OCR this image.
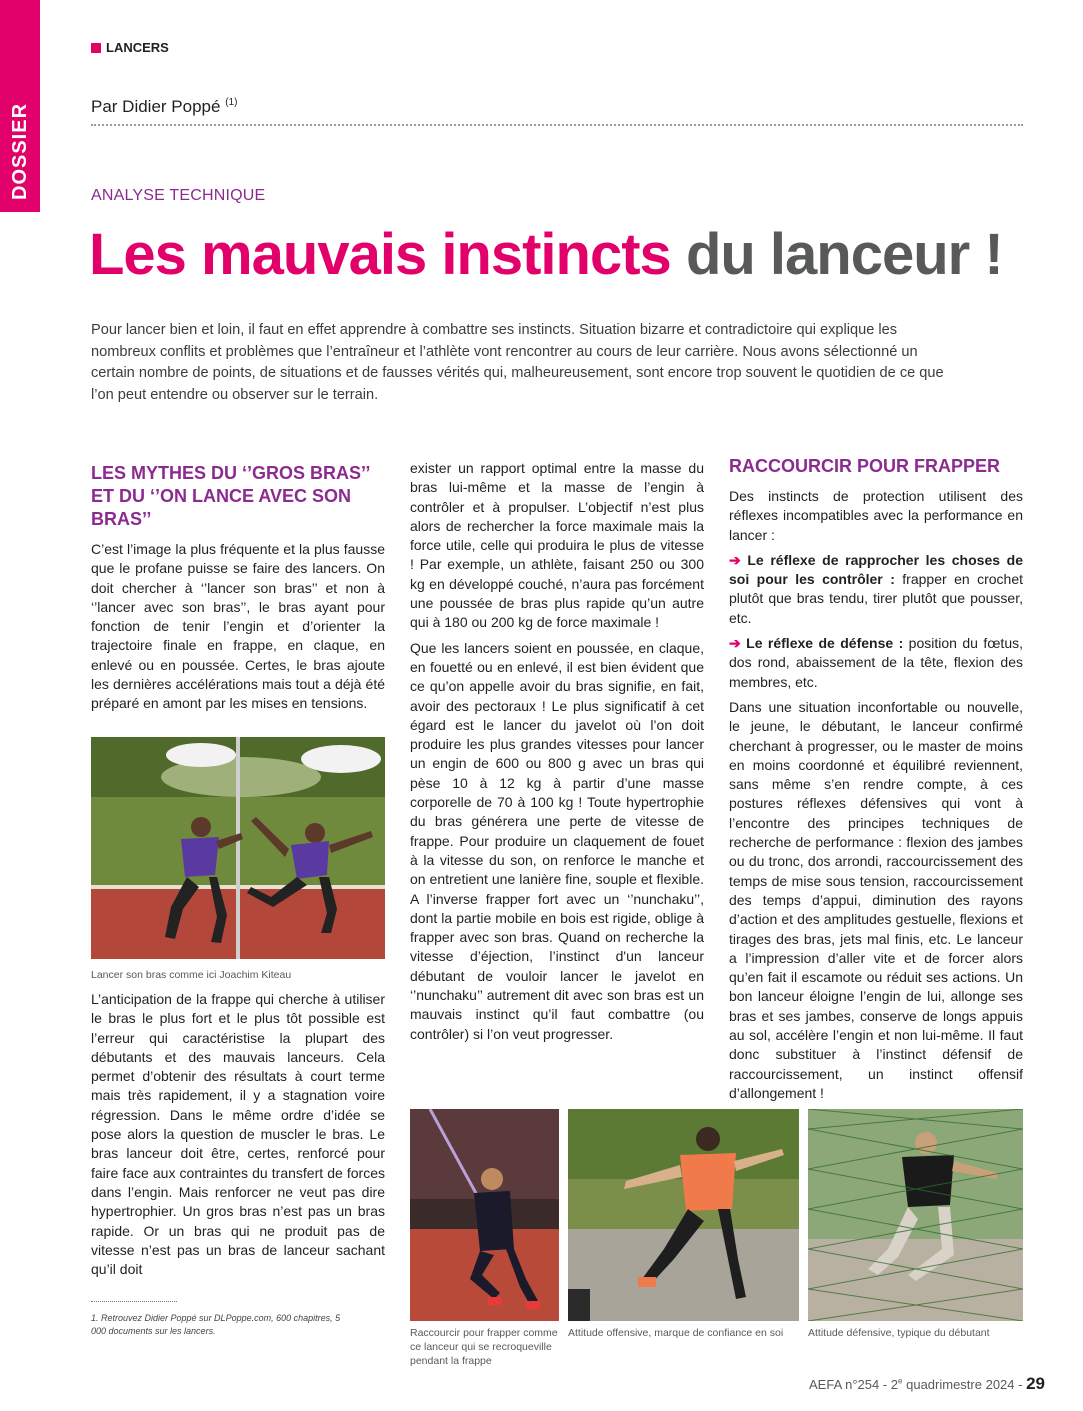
DOSSIER
LANCERS
Par Didier Poppé $^{(1)}$
ANALYSE TECHNIQUE
Les mauvais instincts du lanceur !

Pour lancer bien et loin, il faut en effet apprendre à combattre ses instincts. Situation bizarre et contradictoire qui explique les nombreux conflits et problèmes que l’entraîneur et l’athlète vont rencontrer au cours de leur carrière. Nous avons sélectionné un certain nombre de points, de situations et de fausses vérités qui, malheureusement, sont encore trop souvent le quotidien de ce que l’on peut entendre ou observer sur le terrain.

LES MYTHES DU ‘’GROS BRAS’’
ET DU ‘’ON LANCE AVEC SON BRAS’’

C’est l’image la plus fréquente et la plus fausse que le profane puisse se faire des lancers. On doit chercher à ‘’lancer son bras’’ et non à ‘’lancer avec son bras’’, le bras ayant pour fonction de tenir l’engin et d’orienter la trajectoire finale en frappe, en claque, en enlevé ou en poussée. Certes, le bras ajoute les dernières accélérations mais tout a déjà été préparé en amont par les mises en tensions.

Lancer son bras comme ici Joachim Kiteau

L’anticipation de la frappe qui cherche à utiliser le bras le plus fort et le plus tôt possible est l’erreur qui caractéristise la plupart des débutants et des mauvais lanceurs. Cela permet d’obtenir des résultats à court terme mais très rapidement, il y a stagnation voire régression. Dans le même ordre d’idée se pose alors la question de muscler le bras. Le bras lanceur doit être, certes, renforcé pour faire face aux contraintes du transfert de forces dans l’engin. Mais renforcer ne veut pas dire hypertrophier. Un gros bras n’est pas un bras rapide. Or un bras qui ne produit pas de vitesse n’est pas un bras de lanceur sachant qu’il doit

exister un rapport optimal entre la masse du bras lui-même et la masse de l’engin à contrôler et à propulser. L’objectif n’est plus alors de rechercher la force maximale mais la force utile, celle qui produira le plus de vitesse ! Par exemple, un athlète, faisant 250 ou 300 kg en développé couché, n’aura pas forcément une poussée de bras plus rapide qu’un autre qui à 180 ou 200 kg de force maximale !

Que les lancers soient en poussée, en claque, en fouetté ou en enlevé, il est bien évident que ce qu’on appelle avoir du bras signifie, en fait, avoir des pectoraux ! Le plus significatif à cet égard est le lancer du javelot où l’on doit produire les plus grandes vitesses pour lancer un engin de 600 ou 800 g avec un bras qui pèse 10 à 12 kg à partir d’une masse corporelle de 70 à 100 kg ! Toute hypertrophie du bras générera une perte de vitesse de frappe. Pour produire un claquement de fouet à la vitesse du son, on renforce le manche et on entretient une lanière fine, souple et flexible. A l’inverse frapper fort avec un ‘’nunchaku’’, dont la partie mobile en bois est rigide, oblige à frapper avec son bras. Quand on recherche la vitesse d’éjection, l’instinct d'un lanceur débutant de vouloir lancer le javelot en ‘’nunchaku’’ autrement dit avec son bras est un mauvais instinct qu’il faut combattre (ou contrôler) si l’on veut progresser.

RACCOURCIR POUR FRAPPER

Des instincts de protection utilisent des réflexes incompatibles avec la performance en lancer :

➔ Le réflexe de rapprocher les choses de soi pour les contrôler : frapper en crochet plutôt que bras tendu, tirer plutôt que pousser, etc.

➔ Le réflexe de défense : position du fœtus, dos rond, abaissement de la tête, flexion des membres, etc.

Dans une situation inconfortable ou nouvelle, le jeune, le débutant, le lanceur confirmé cherchant à progresser, ou le master de moins en moins coordonné et équilibré reviennent, sans même s’en rendre compte, à ces postures réflexes défensives qui vont à l’encontre des principes techniques de recherche de performance : flexion des jambes ou du tronc, dos arrondi, raccourcissement des temps de mise sous tension, raccourcissement des temps d’appui, diminution des rayons d’action et des amplitudes gestuelle, flexions et tirages des bras, jets mal finis, etc. Le lanceur a l’impression d’aller vite et de forcer alors qu’en fait il escamote ou réduit ses actions. Un bon lanceur éloigne l’engin de lui, allonge ses bras et ses jambes, conserve de longs appuis au sol, accélère l’engin et non lui-même. Il faut donc substituer à l’instinct défensif de raccourcissement, un instinct offensif d’allongement !

Raccourcir pour frapper comme ce lanceur qui se recroqueville pendant la frappe
Attitude offensive, marque de confiance en soi	Attitude défensive, typique du débutant
1. Retrouvez Didier Poppé sur DLPoppe.com, 600 chapitres, 5 000 documents sur les lancers.
AEFA n°254 - 2e quadrimestre 2024 - 29
